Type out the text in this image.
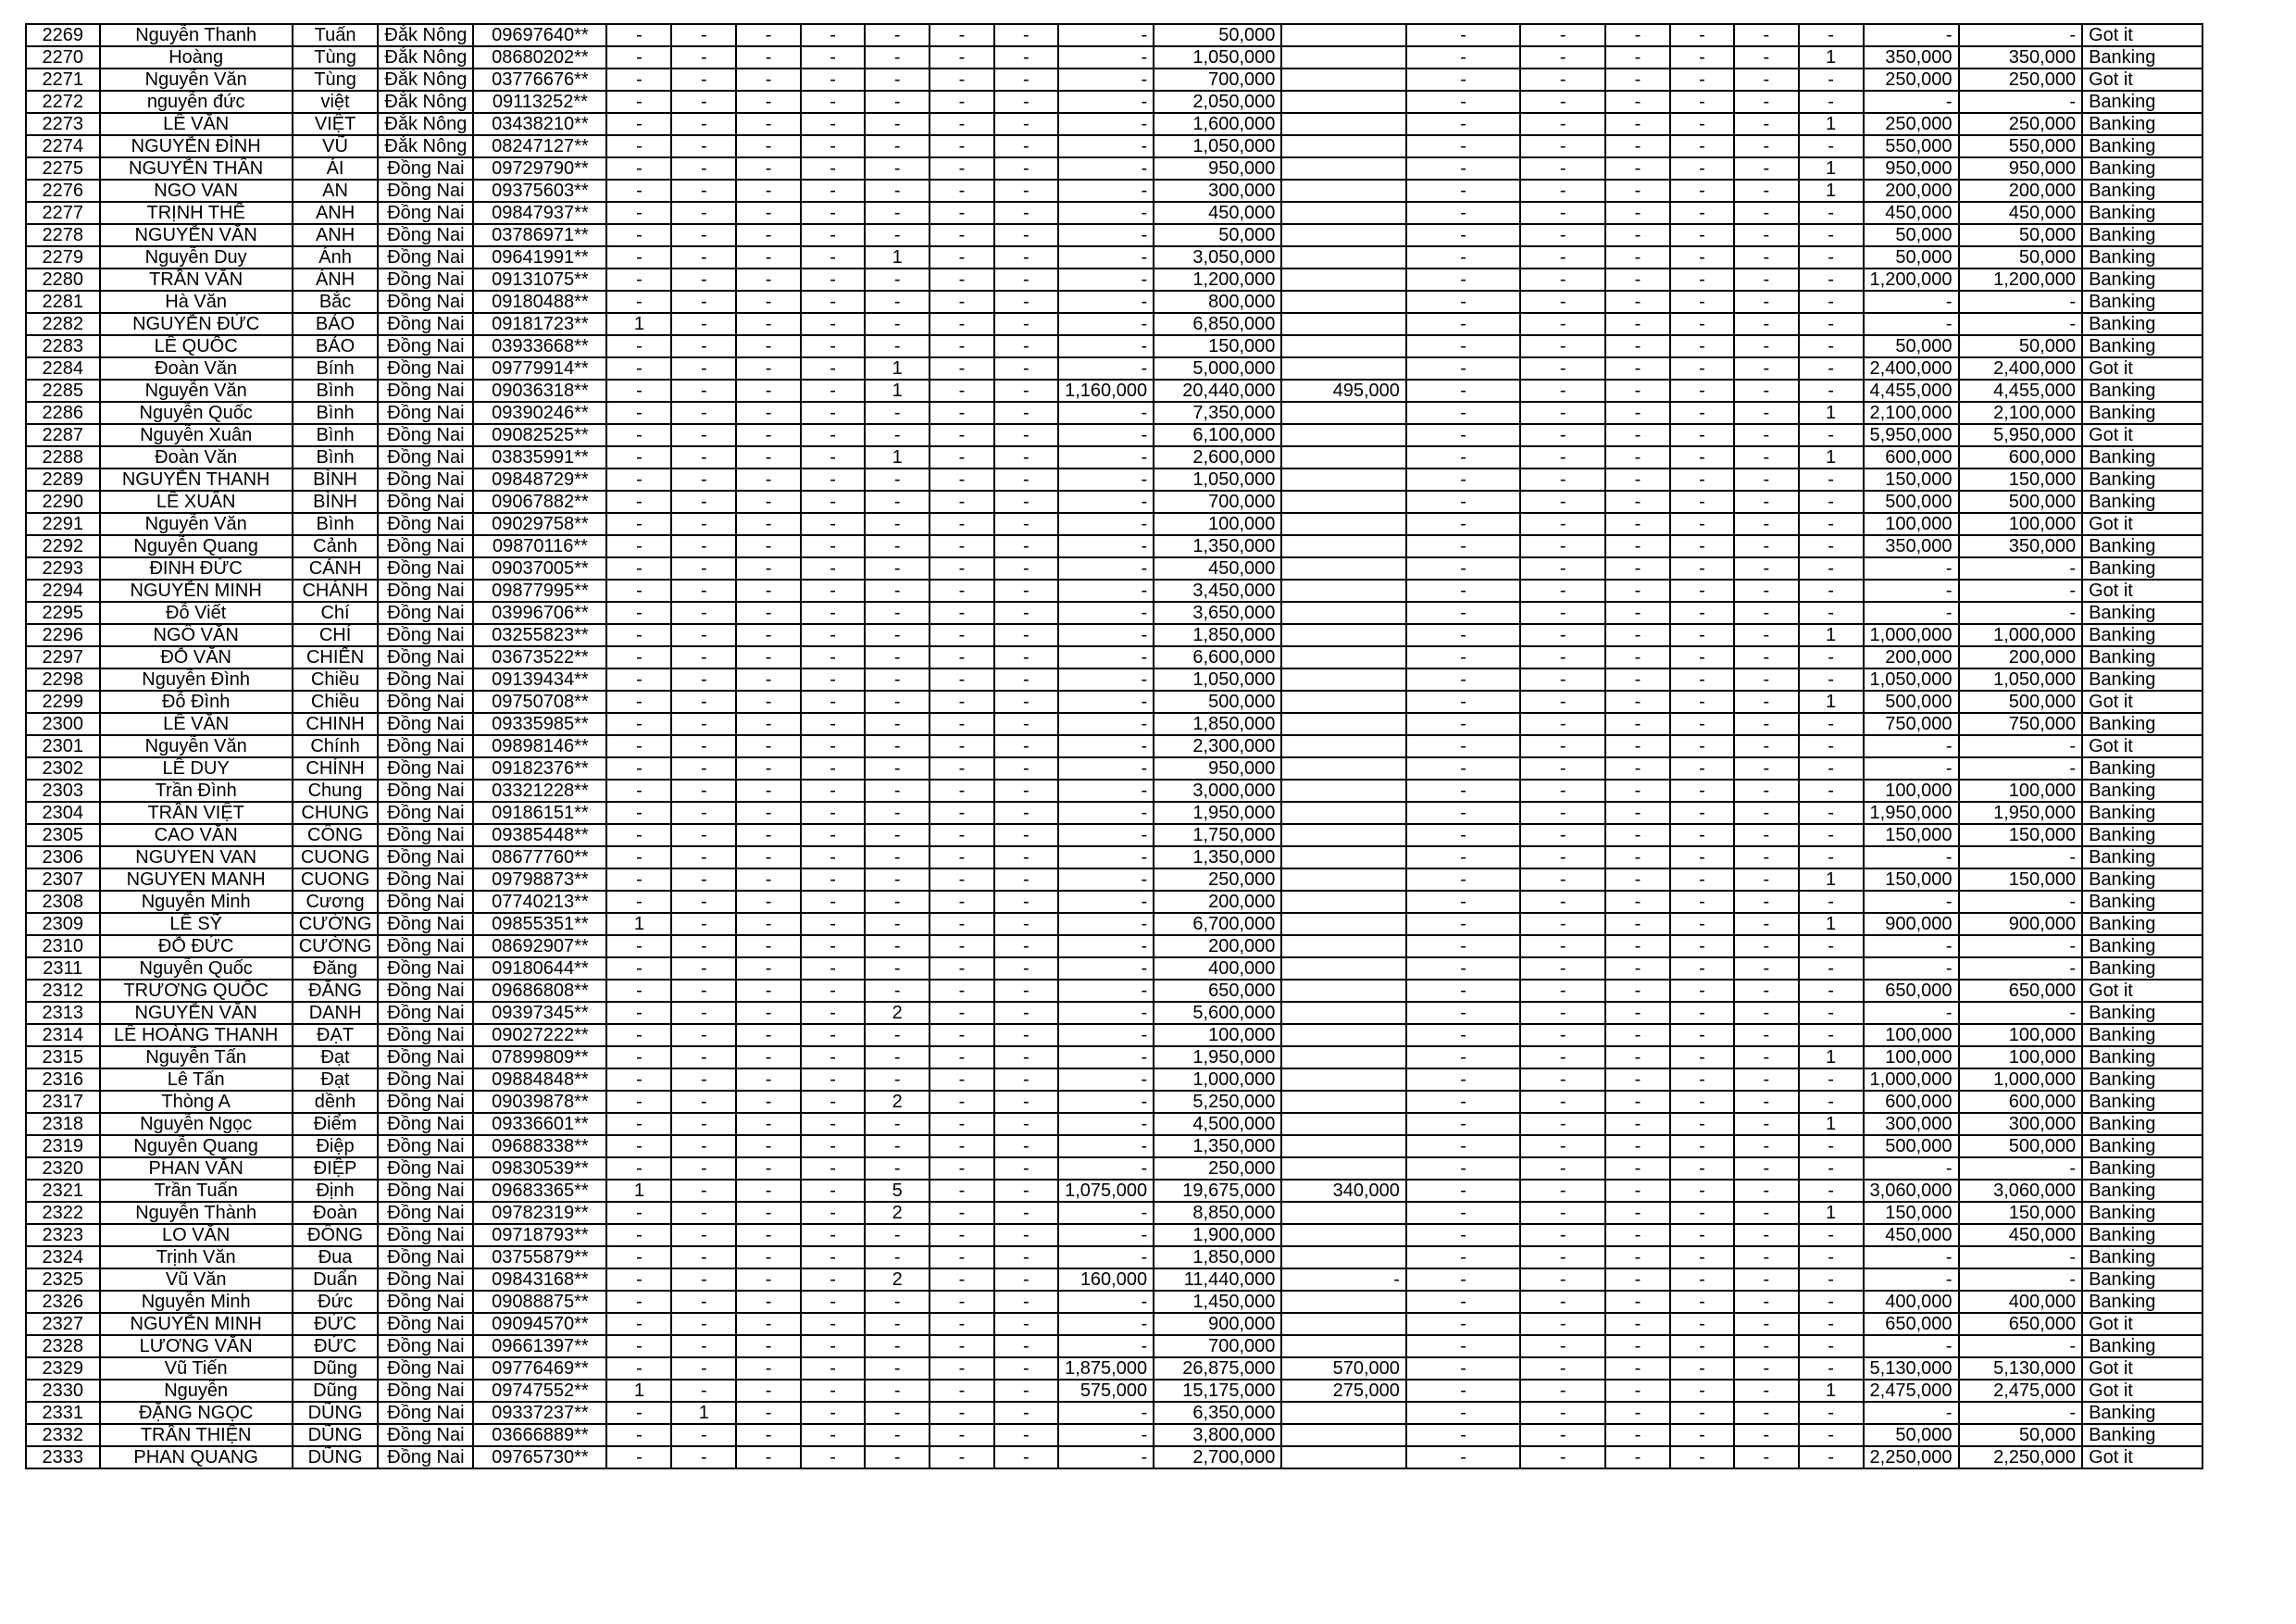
2269	Nguyễn Thanh	Tuấn	Đắk Nông	09697640**	-	-	-	-	-	-	-	-	50,000		-	-	-	-	-	-	-	-	Got it
2270	Hoàng	Tùng	Đắk Nông	08680202**	-	-	-	-	-	-	-	-	1,050,000		-	-	-	-	-	1	350,000	350,000	Banking
2271	Nguyễn Văn	Tùng	Đắk Nông	03776676**	-	-	-	-	-	-	-	-	700,000		-	-	-	-	-	-	250,000	250,000	Got it
2272	nguyễn đức	việt	Đắk Nông	09113252**	-	-	-	-	-	-	-	-	2,050,000		-	-	-	-	-	-	-	-	Banking
2273	LÊ VĂN	VIỆT	Đắk Nông	03438210**	-	-	-	-	-	-	-	-	1,600,000		-	-	-	-	-	1	250,000	250,000	Banking
2274	NGUYỄN ĐÌNH	VŨ	Đắk Nông	08247127**	-	-	-	-	-	-	-	-	1,050,000		-	-	-	-	-	-	550,000	550,000	Banking
2275	NGUYỄN THÂN	ÁI	Đồng Nai	09729790**	-	-	-	-	-	-	-	-	950,000		-	-	-	-	-	1	950,000	950,000	Banking
2276	NGO VAN	AN	Đồng Nai	09375603**	-	-	-	-	-	-	-	-	300,000		-	-	-	-	-	1	200,000	200,000	Banking
2277	TRỊNH THẾ	ANH	Đồng Nai	09847937**	-	-	-	-	-	-	-	-	450,000		-	-	-	-	-	-	450,000	450,000	Banking
2278	NGUYỄN VĂN	ANH	Đồng Nai	03786971**	-	-	-	-	-	-	-	-	50,000		-	-	-	-	-	-	50,000	50,000	Banking
2279	Nguyễn Duy	Ánh	Đồng Nai	09641991**	-	-	-	-	1	-	-	-	3,050,000		-	-	-	-	-	-	50,000	50,000	Banking
2280	TRẦN VĂN	ÁNH	Đồng Nai	09131075**	-	-	-	-	-	-	-	-	1,200,000		-	-	-	-	-	-	1,200,000	1,200,000	Banking
2281	Hà Văn	Bắc	Đồng Nai	09180488**	-	-	-	-	-	-	-	-	800,000		-	-	-	-	-	-	-	-	Banking
2282	NGUYỄN ĐỨC	BẢO	Đồng Nai	09181723**	1	-	-	-	-	-	-	-	6,850,000		-	-	-	-	-	-	-	-	Banking
2283	LÊ QUỐC	BẢO	Đồng Nai	03933668**	-	-	-	-	-	-	-	-	150,000		-	-	-	-	-	-	50,000	50,000	Banking
2284	Đoàn Văn	Bính	Đồng Nai	09779914**	-	-	-	-	1	-	-	-	5,000,000		-	-	-	-	-	-	2,400,000	2,400,000	Got it
2285	Nguyễn Văn	Bình	Đồng Nai	09036318**	-	-	-	-	1	-	-	1,160,000	20,440,000	495,000	-	-	-	-	-	-	4,455,000	4,455,000	Banking
2286	Nguyễn Quốc	Bình	Đồng Nai	09390246**	-	-	-	-	-	-	-	-	7,350,000		-	-	-	-	-	1	2,100,000	2,100,000	Banking
2287	Nguyễn Xuân	Bình	Đồng Nai	09082525**	-	-	-	-	-	-	-	-	6,100,000		-	-	-	-	-	-	5,950,000	5,950,000	Got it
2288	Đoàn Văn	Bình	Đồng Nai	03835991**	-	-	-	-	1	-	-	-	2,600,000		-	-	-	-	-	1	600,000	600,000	Banking
2289	NGUYỄN THANH	BÌNH	Đồng Nai	09848729**	-	-	-	-	-	-	-	-	1,050,000		-	-	-	-	-	-	150,000	150,000	Banking
2290	LÊ XUÂN	BÌNH	Đồng Nai	09067882**	-	-	-	-	-	-	-	-	700,000		-	-	-	-	-	-	500,000	500,000	Banking
2291	Nguyễn Văn	Bình	Đồng Nai	09029758**	-	-	-	-	-	-	-	-	100,000		-	-	-	-	-	-	100,000	100,000	Got it
2292	Nguyễn Quang	Cảnh	Đồng Nai	09870116**	-	-	-	-	-	-	-	-	1,350,000		-	-	-	-	-	-	350,000	350,000	Banking
2293	ĐINH ĐỨC	CẢNH	Đồng Nai	09037005**	-	-	-	-	-	-	-	-	450,000		-	-	-	-	-	-	-	-	Banking
2294	NGUYỄN MINH	CHÁNH	Đồng Nai	09877995**	-	-	-	-	-	-	-	-	3,450,000		-	-	-	-	-	-	-	-	Got it
2295	Đỗ Viết	Chí	Đồng Nai	03996706**	-	-	-	-	-	-	-	-	3,650,000		-	-	-	-	-	-	-	-	Banking
2296	NGÔ VĂN	CHÍ	Đồng Nai	03255823**	-	-	-	-	-	-	-	-	1,850,000		-	-	-	-	-	1	1,000,000	1,000,000	Banking
2297	ĐỖ VĂN	CHIẾN	Đồng Nai	03673522**	-	-	-	-	-	-	-	-	6,600,000		-	-	-	-	-	-	200,000	200,000	Banking
2298	Nguyễn Đình	Chiều	Đồng Nai	09139434**	-	-	-	-	-	-	-	-	1,050,000		-	-	-	-	-	-	1,050,000	1,050,000	Banking
2299	Đỗ Đình	Chiều	Đồng Nai	09750708**	-	-	-	-	-	-	-	-	500,000		-	-	-	-	-	1	500,000	500,000	Got it
2300	LÊ VĂN	CHINH	Đồng Nai	09335985**	-	-	-	-	-	-	-	-	1,850,000		-	-	-	-	-	-	750,000	750,000	Banking
2301	Nguyễn Văn	Chính	Đồng Nai	09898146**	-	-	-	-	-	-	-	-	2,300,000		-	-	-	-	-	-	-	-	Got it
2302	LÊ DUY	CHÍNH	Đồng Nai	09182376**	-	-	-	-	-	-	-	-	950,000		-	-	-	-	-	-	-	-	Banking
2303	Trần Đình	Chung	Đồng Nai	03321228**	-	-	-	-	-	-	-	-	3,000,000		-	-	-	-	-	-	100,000	100,000	Banking
2304	TRẦN VIỆT	CHUNG	Đồng Nai	09186151**	-	-	-	-	-	-	-	-	1,950,000		-	-	-	-	-	-	1,950,000	1,950,000	Banking
2305	CAO VĂN	CÔNG	Đồng Nai	09385448**	-	-	-	-	-	-	-	-	1,750,000		-	-	-	-	-	-	150,000	150,000	Banking
2306	NGUYEN VAN	CUONG	Đồng Nai	08677760**	-	-	-	-	-	-	-	-	1,350,000		-	-	-	-	-	-	-	-	Banking
2307	NGUYEN MANH	CUONG	Đồng Nai	09798873**	-	-	-	-	-	-	-	-	250,000		-	-	-	-	-	1	150,000	150,000	Banking
2308	Nguyễn Minh	Cương	Đồng Nai	07740213**	-	-	-	-	-	-	-	-	200,000		-	-	-	-	-	-	-	-	Banking
2309	LÊ SỸ	CƯỜNG	Đồng Nai	09855351**	1	-	-	-	-	-	-	-	6,700,000		-	-	-	-	-	1	900,000	900,000	Banking
2310	ĐỖ ĐỨC	CƯỜNG	Đồng Nai	08692907**	-	-	-	-	-	-	-	-	200,000		-	-	-	-	-	-	-	-	Banking
2311	Nguyễn Quốc	Đăng	Đồng Nai	09180644**	-	-	-	-	-	-	-	-	400,000		-	-	-	-	-	-	-	-	Banking
2312	TRƯƠNG QUỐC	ĐĂNG	Đồng Nai	09686808**	-	-	-	-	-	-	-	-	650,000		-	-	-	-	-	-	650,000	650,000	Got it
2313	NGUYỄN VĂN	DANH	Đồng Nai	09397345**	-	-	-	-	2	-	-	-	5,600,000		-	-	-	-	-	-	-	-	Banking
2314	LÊ HOÀNG THANH	ĐẠT	Đồng Nai	09027222**	-	-	-	-	-	-	-	-	100,000		-	-	-	-	-	-	100,000	100,000	Banking
2315	Nguyễn Tấn	Đạt	Đồng Nai	07899809**	-	-	-	-	-	-	-	-	1,950,000		-	-	-	-	-	1	100,000	100,000	Banking
2316	Lê Tấn	Đạt	Đồng Nai	09884848**	-	-	-	-	-	-	-	-	1,000,000		-	-	-	-	-	-	1,000,000	1,000,000	Banking
2317	Thòng A	dềnh	Đồng Nai	09039878**	-	-	-	-	2	-	-	-	5,250,000		-	-	-	-	-	-	600,000	600,000	Banking
2318	Nguyễn Ngọc	Điểm	Đồng Nai	09336601**	-	-	-	-	-	-	-	-	4,500,000		-	-	-	-	-	1	300,000	300,000	Banking
2319	Nguyễn Quang	Điệp	Đồng Nai	09688338**	-	-	-	-	-	-	-	-	1,350,000		-	-	-	-	-	-	500,000	500,000	Banking
2320	PHAN VĂN	ĐIỆP	Đồng Nai	09830539**	-	-	-	-	-	-	-	-	250,000		-	-	-	-	-	-	-	-	Banking
2321	Trần Tuấn	Định	Đồng Nai	09683365**	1	-	-	-	5	-	-	1,075,000	19,675,000	340,000	-	-	-	-	-	-	3,060,000	3,060,000	Banking
2322	Nguyễn Thành	Đoàn	Đồng Nai	09782319**	-	-	-	-	2	-	-	-	8,850,000		-	-	-	-	-	1	150,000	150,000	Banking
2323	LO VĂN	ĐÔNG	Đồng Nai	09718793**	-	-	-	-	-	-	-	-	1,900,000		-	-	-	-	-	-	450,000	450,000	Banking
2324	Trịnh Văn	Đua	Đồng Nai	03755879**	-	-	-	-	-	-	-	-	1,850,000		-	-	-	-	-	-	-	-	Banking
2325	Vũ Văn	Duẩn	Đồng Nai	09843168**	-	-	-	-	2	-	-	160,000	11,440,000	-	-	-	-	-	-	-	-	-	Banking
2326	Nguyễn Minh	Đức	Đồng Nai	09088875**	-	-	-	-	-	-	-	-	1,450,000		-	-	-	-	-	-	400,000	400,000	Banking
2327	NGUYỄN MINH	ĐỨC	Đồng Nai	09094570**	-	-	-	-	-	-	-	-	900,000		-	-	-	-	-	-	650,000	650,000	Got it
2328	LƯƠNG VĂN	ĐỨC	Đồng Nai	09661397**	-	-	-	-	-	-	-	-	700,000		-	-	-	-	-	-	-	-	Banking
2329	Vũ Tiến	Dũng	Đồng Nai	09776469**	-	-	-	-	-	-	-	1,875,000	26,875,000	570,000	-	-	-	-	-	-	5,130,000	5,130,000	Got it
2330	Nguyễn	Dũng	Đồng Nai	09747552**	1	-	-	-	-	-	-	575,000	15,175,000	275,000	-	-	-	-	-	1	2,475,000	2,475,000	Got it
2331	ĐẶNG NGỌC	DŨNG	Đồng Nai	09337237**	-	1	-	-	-	-	-	-	6,350,000		-	-	-	-	-	-	-	-	Banking
2332	TRẦN THIỆN	DŨNG	Đồng Nai	03666889**	-	-	-	-	-	-	-	-	3,800,000		-	-	-	-	-	-	50,000	50,000	Banking
2333	PHAN QUANG	DŨNG	Đồng Nai	09765730**	-	-	-	-	-	-	-	-	2,700,000		-	-	-	-	-	-	2,250,000	2,250,000	Got it
